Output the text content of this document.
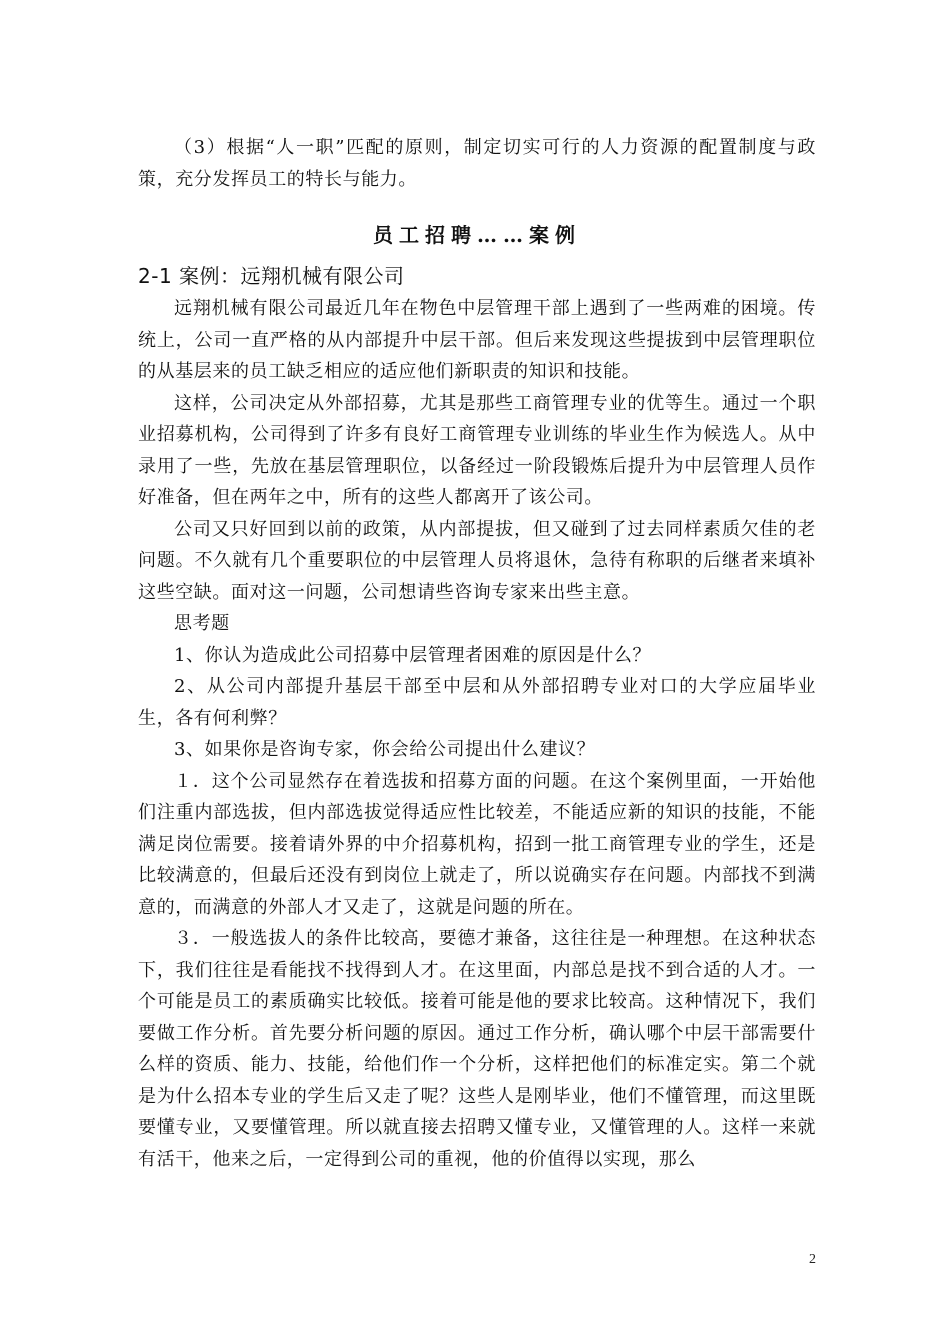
（3）根据“人一职”匹配的原则，制定切实可行的人力资源的配置制度与政策，充分发挥员工的特长与能力。

员工招聘……案例
2-1 案例：远翔机械有限公司

远翔机械有限公司最近几年在物色中层管理干部上遇到了一些两难的困境。传统上，公司一直严格的从内部提升中层干部。但后来发现这些提拔到中层管理职位的从基层来的员工缺乏相应的适应他们新职责的知识和技能。

这样，公司决定从外部招募，尤其是那些工商管理专业的优等生。通过一个职业招募机构，公司得到了许多有良好工商管理专业训练的毕业生作为候选人。从中录用了一些，先放在基层管理职位，以备经过一阶段锻炼后提升为中层管理人员作好准备，但在两年之中，所有的这些人都离开了该公司。

公司又只好回到以前的政策，从内部提拔，但又碰到了过去同样素质欠佳的老问题。不久就有几个重要职位的中层管理人员将退休，急待有称职的后继者来填补这些空缺。面对这一问题，公司想请些咨询专家来出些主意。

思考题

1、你认为造成此公司招募中层管理者困难的原因是什么？

2、从公司内部提升基层干部至中层和从外部招聘专业对口的大学应届毕业生，各有何利弊？

3、如果你是咨询专家，你会给公司提出什么建议？

１．这个公司显然存在着选拔和招募方面的问题。在这个案例里面，一开始他们注重内部选拔，但内部选拔觉得适应性比较差，不能适应新的知识的技能，不能满足岗位需要。接着请外界的中介招募机构，招到一批工商管理专业的学生，还是比较满意的，但最后还没有到岗位上就走了，所以说确实存在问题。内部找不到满意的，而满意的外部人才又走了，这就是问题的所在。

３．一般选拔人的条件比较高，要德才兼备，这往往是一种理想。在这种状态下，我们往往是看能找不找得到人才。在这里面，内部总是找不到合适的人才。一个可能是员工的素质确实比较低。接着可能是他的要求比较高。这种情况下，我们要做工作分析。首先要分析问题的原因。通过工作分析，确认哪个中层干部需要什么样的资质、能力、技能，给他们作一个分析，这样把他们的标准定实。第二个就是为什么招本专业的学生后又走了呢？这些人是刚毕业，他们不懂管理，而这里既要懂专业，又要懂管理。所以就直接去招聘又懂专业，又懂管理的人。这样一来就有活干，他来之后，一定得到公司的重视，他的价值得以实现，那么

2
